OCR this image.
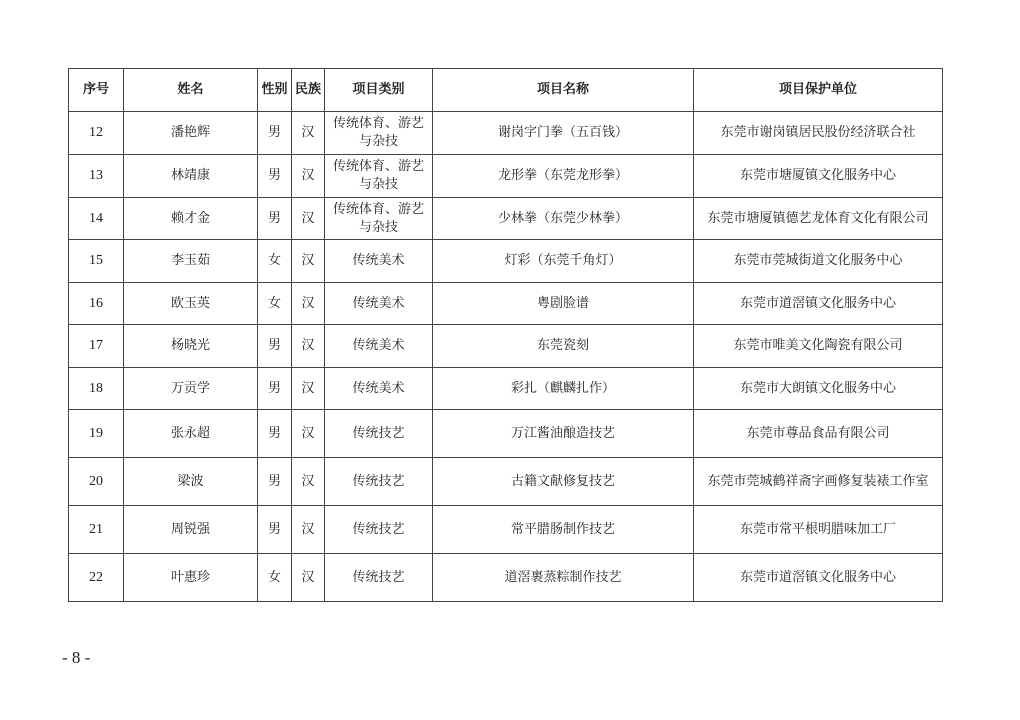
序号	姓名	性别	民族	项目类别	项目名称	项目保护单位
12	潘艳辉	男	汉	传统体育、游艺与杂技	谢岗字门拳（五百钱）	东莞市谢岗镇居民股份经济联合社
13	林靖康	男	汉	传统体育、游艺与杂技	龙形拳（东莞龙形拳）	东莞市塘厦镇文化服务中心
14	赖才金	男	汉	传统体育、游艺与杂技	少林拳（东莞少林拳）	东莞市塘厦镇德艺龙体育文化有限公司
15	李玉茹	女	汉	传统美术	灯彩（东莞千角灯）	东莞市莞城街道文化服务中心
16	欧玉英	女	汉	传统美术	粤剧脸谱	东莞市道滘镇文化服务中心
17	杨晓光	男	汉	传统美术	东莞瓷刻	东莞市唯美文化陶瓷有限公司
18	万贡学	男	汉	传统美术	彩扎（麒麟扎作）	东莞市大朗镇文化服务中心
19	张永超	男	汉	传统技艺	万江酱油酿造技艺	东莞市尊品食品有限公司
20	梁波	男	汉	传统技艺	古籍文献修复技艺	东莞市莞城鹤祥斋字画修复装裱工作室
21	周锐强	男	汉	传统技艺	常平腊肠制作技艺	东莞市常平根明腊味加工厂
22	叶惠珍	女	汉	传统技艺	道滘裹蒸粽制作技艺	东莞市道滘镇文化服务中心
- 8 -
